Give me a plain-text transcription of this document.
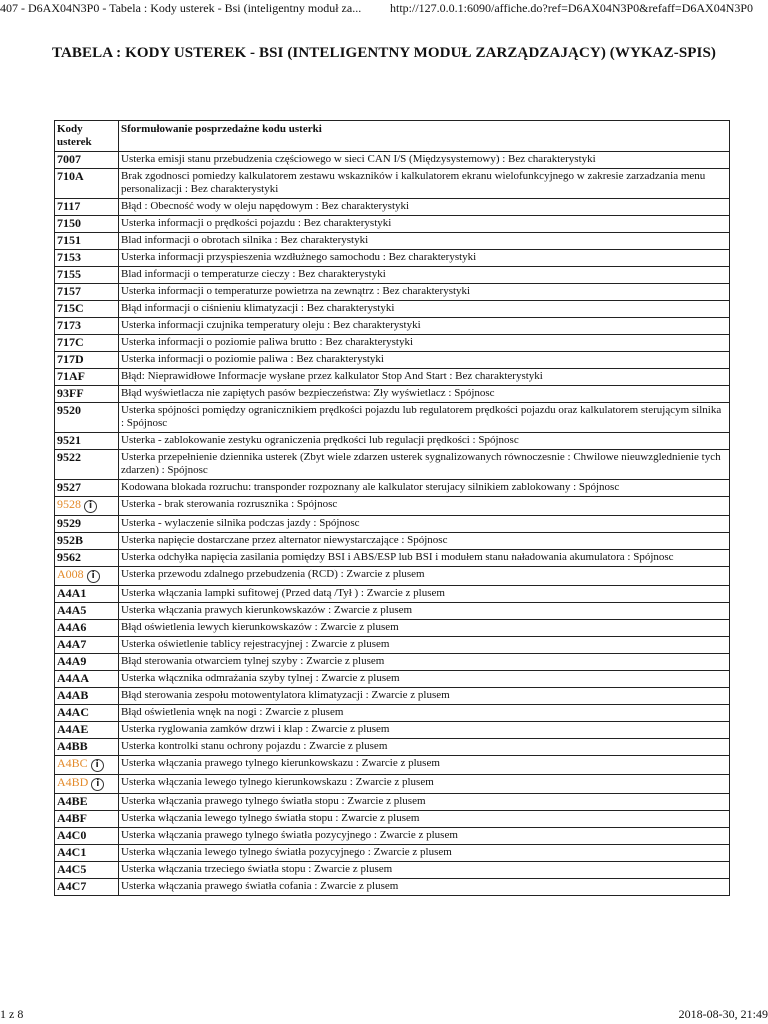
407 - D6AX04N3P0 - Tabela : Kody usterek - Bsi (inteligentny moduł za... http://127.0.0.1:6090/affiche.do?ref=D6AX04N3P0&refaff=D6AX04N3P0
TABELA : KODY USTEREK - BSI (INTELIGENTNY MODUŁ ZARZĄDZAJĄCY) (WYKAZ-SPIS)
Kody usterek	Sformułowanie posprzedażne kodu usterki
7007	Usterka emisji stanu przebudzenia częściowego w sieci CAN I/S (Międzysystemowy) : Bez charakterystyki
710A	Brak zgodnosci pomiedzy kalkulatorem zestawu wskazników i kalkulatorem ekranu wielofunkcyjnego w zakresie zarzadzania menu personalizacji : Bez charakterystyki
7117	Błąd : Obecność wody w oleju napędowym : Bez charakterystyki
7150	Usterka informacji o prędkości pojazdu : Bez charakterystyki
7151	Blad informacji o obrotach silnika : Bez charakterystyki
7153	Usterka informacji przyspieszenia wzdłużnego samochodu : Bez charakterystyki
7155	Blad informacji o temperaturze cieczy : Bez charakterystyki
7157	Usterka informacji o temperaturze powietrza na zewnątrz : Bez charakterystyki
715C	Błąd informacji o ciśnieniu klimatyzacji : Bez charakterystyki
7173	Usterka informacji czujnika temperatury oleju : Bez charakterystyki
717C	Usterka informacji o poziomie paliwa brutto : Bez charakterystyki
717D	Usterka informacji o poziomie paliwa : Bez charakterystyki
71AF	Błąd: Nieprawidłowe Informacje wysłane przez kalkulator Stop And Start : Bez charakterystyki
93FF	Błąd wyświetlacza nie zapiętych pasów bezpieczeństwa: Zły wyświetlacz : Spójnosc
9520	Usterka spójności pomiędzy ogranicznikiem prędkości pojazdu lub regulatorem prędkości pojazdu oraz kalkulatorem sterującym silnika : Spójnosc
9521	Usterka - zablokowanie zestyku ograniczenia prędkości lub regulacji prędkości : Spójnosc
9522	Usterka przepełnienie dziennika usterek (Zbyt wiele zdarzen usterek sygnalizowanych równoczesnie : Chwilowe nieuwzglednienie tych zdarzen) : Spójnosc
9527	Kodowana blokada rozruchu: transponder rozpoznany ale kalkulator sterujacy silnikiem zablokowany : Spójnosc
9528 i	Usterka - brak sterowania rozrusznika : Spójnosc
9529	Usterka - wylaczenie silnika podczas jazdy : Spójnosc
952B	Usterka napięcie dostarczane przez alternator niewystarczające : Spójnosc
9562	Usterka odchyłka napięcia zasilania pomiędzy BSI i ABS/ESP lub BSI i modułem stanu naładowania akumulatora : Spójnosc
A008 i	Usterka przewodu zdalnego przebudzenia (RCD) : Zwarcie z plusem
A4A1	Usterka włączania lampki sufitowej (Przed datą /Tył ) : Zwarcie z plusem
A4A5	Usterka włączania prawych kierunkowskazów : Zwarcie z plusem
A4A6	Błąd oświetlenia lewych kierunkowskazów : Zwarcie z plusem
A4A7	Usterka oświetlenie tablicy rejestracyjnej : Zwarcie z plusem
A4A9	Błąd sterowania otwarciem tylnej szyby : Zwarcie z plusem
A4AA	Usterka włącznika odmrażania szyby tylnej : Zwarcie z plusem
A4AB	Błąd sterowania zespołu motowentylatora klimatyzacji : Zwarcie z plusem
A4AC	Błąd oświetlenia wnęk na nogi : Zwarcie z plusem
A4AE	Usterka ryglowania zamków drzwi i klap : Zwarcie z plusem
A4BB	Usterka kontrolki stanu ochrony pojazdu : Zwarcie z plusem
A4BC i	Usterka włączania prawego tylnego kierunkowskazu : Zwarcie z plusem
A4BD i	Usterka włączania lewego tylnego kierunkowskazu : Zwarcie z plusem
A4BE	Usterka włączania prawego tylnego światła stopu : Zwarcie z plusem
A4BF	Usterka włączania lewego tylnego światła stopu : Zwarcie z plusem
A4C0	Usterka włączania prawego tylnego światła pozycyjnego : Zwarcie z plusem
A4C1	Usterka włączania lewego tylnego światła pozycyjnego : Zwarcie z plusem
A4C5	Usterka włączania trzeciego światła stopu : Zwarcie z plusem
A4C7	Usterka włączania prawego światła cofania : Zwarcie z plusem
1 z 8	2018-08-30, 21:49
